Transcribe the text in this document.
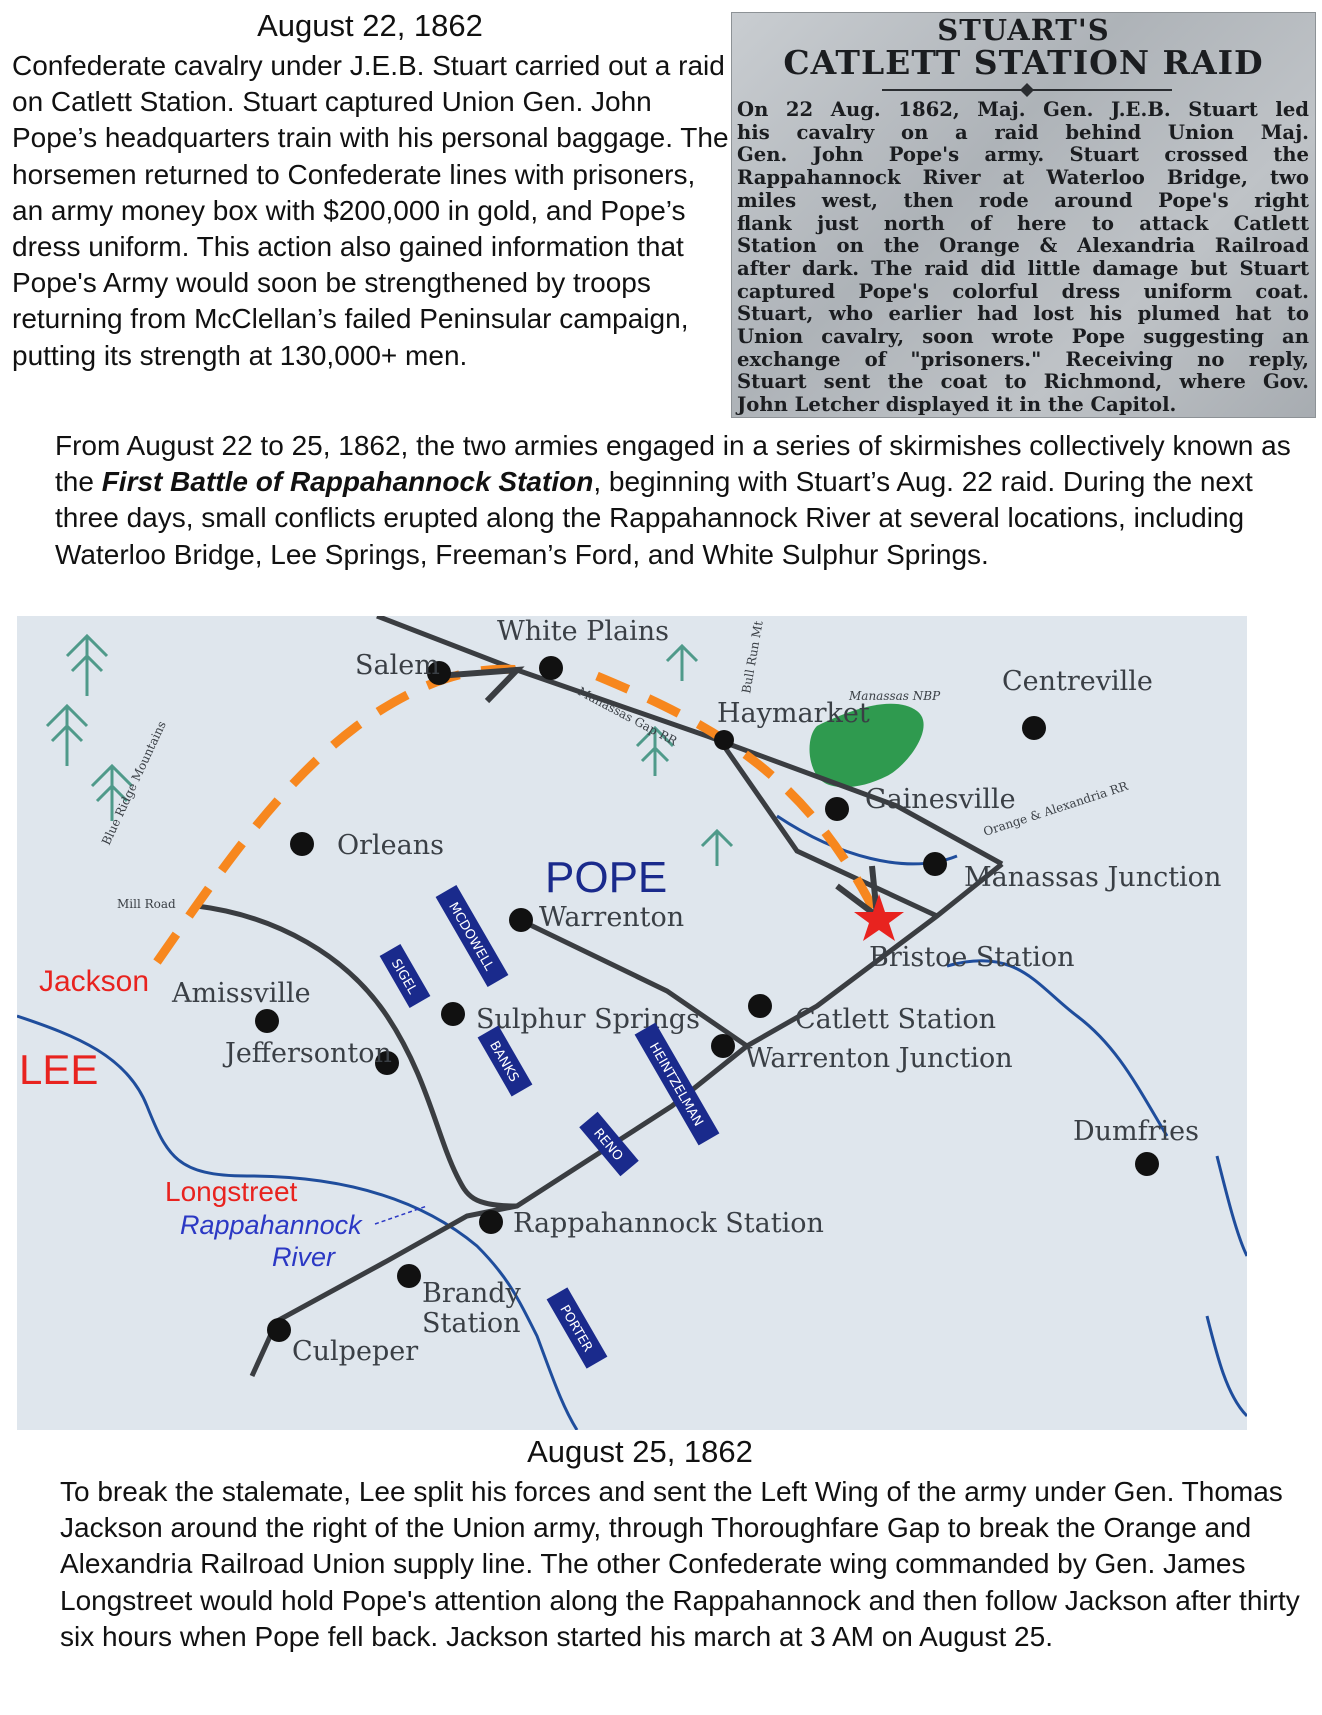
August 22, 1862

Confederate cavalry under J.E.B. Stuart carried out a raid on Catlett Station. Stuart captured Union Gen. John Pope’s headquarters train with his personal baggage. The horsemen returned to Confederate lines with prisoners, an army money box with $200,000 in gold, and Pope’s dress uniform. This action also gained information that Pope's Army would soon be strengthened by troops returning from McClellan’s failed Peninsular campaign, putting its strength at 130,000+ men.

STUART'S
CATLETT STATION RAID
On 22 Aug. 1862, Maj. Gen. J.E.B. Stuart led
his cavalry on a raid behind Union Maj.
Gen. John Pope's army. Stuart crossed the
Rappahannock River at Waterloo Bridge, two
miles west, then rode around Pope's right
flank just north of here to attack Catlett
Station on the Orange & Alexandria Railroad
after dark. The raid did little damage but Stuart
captured Pope's colorful dress uniform coat.
Stuart, who earlier had lost his plumed hat to
Union cavalry, soon wrote Pope suggesting an
exchange of "prisoners." Receiving no reply,
Stuart sent the coat to Richmond, where Gov.
John Letcher displayed it in the Capitol.

From August 22 to 25, 1862, the two armies engaged in a series of skirmishes collectively known as the First Battle of Rappahannock Station, beginning with Stuart’s Aug. 22 raid. During the next three days, small conflicts erupted along the Rappahannock River at several locations, including Waterloo Bridge, Lee Springs, Freeman’s Ford, and White Sulphur Springs.

White Plains
Salem
Haymarket
Centreville
Gainesville
Manassas Junction
Orleans
Warrenton
Bristoe Station
Amissville
Sulphur Springs	Catlett Station
Warrenton Junction
Jeffersonton
Dumfries
Rappahannock Station
Brandy
Station
Culpeper
Blue Ridge Mountains
Manassas Gap RR	Manassas NBP
Orange & Alexandria RR
Mill Road
Bull Run Mt
POPE
LEE
Jackson
Longstreet
Rappahannock
River
MCDOWELL
SIGEL
BANKS	HEINTZELMAN
RENO
PORTER
August 25, 1862

To break the stalemate, Lee split his forces and sent the Left Wing of the army under Gen. Thomas Jackson around the right of the Union army, through Thoroughfare Gap to break the Orange and Alexandria Railroad Union supply line. The other Confederate wing commanded by Gen. James Longstreet would hold Pope's attention along the Rappahannock and then follow Jackson after thirty six hours when Pope fell back. Jackson started his march at 3 AM on August 25.
